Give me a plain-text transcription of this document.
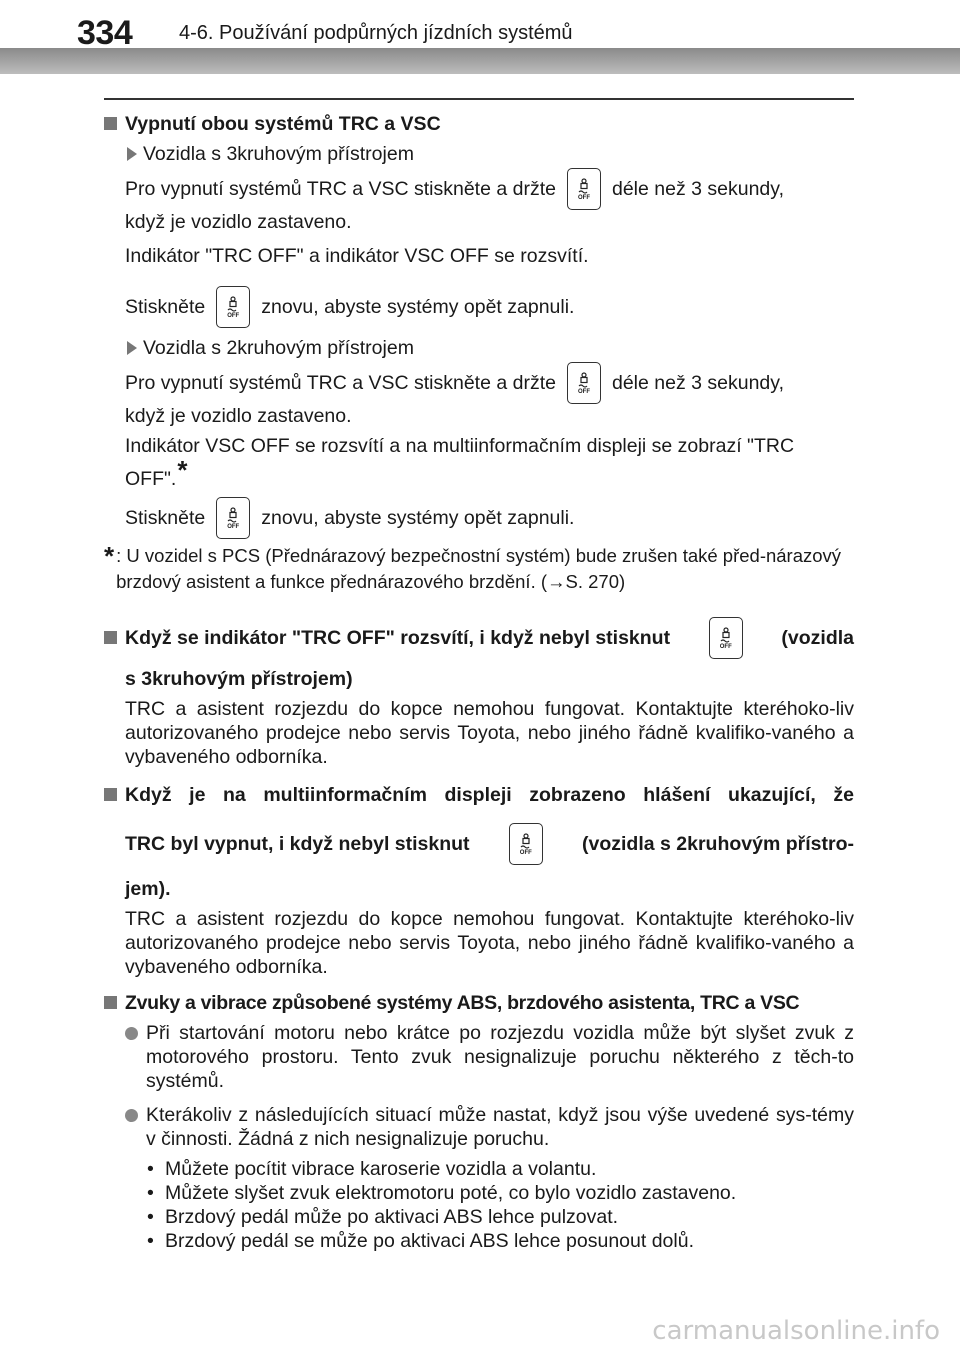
334 4-6. Používání podpůrných jízdních systémů
Vypnutí obou systémů TRC a VSC
Vozidla s 3kruhovým přístrojem
Pro vypnutí systémů TRC a VSC stiskněte a držte	OFF déle než 3 sekundy,

když je vozidlo zastaveno.

Indikátor "TRC OFF" a indikátor VSC OFF se rozsvítí.

Stiskněte	OFF znovu, abyste systémy opět zapnuli.
Vozidla s 2kruhovým přístrojem
Pro vypnutí systémů TRC a VSC stiskněte a držte	OFF déle než 3 sekundy,

když je vozidlo zastaveno.

Indikátor VSC OFF se rozsvítí a na multiinformačním displeji se zobrazí "TRC

OFF".*

Stiskněte	OFF znovu, abyste systémy opět zapnuli.
* : U vozidel s PCS (Přednárazový bezpečnostní systém) bude zrušen také před-nárazový brzdový asistent a funkce přednárazového brzdění. (→S. 270)
Když se indikátor "TRC OFF" rozsvítí, i když nebyl stisknut	OFF	(vozidla
s 3kruhovým přístrojem)

TRC a asistent rozjezdu do kopce nemohou fungovat. Kontaktujte kteréhoko-liv autorizovaného prodejce nebo servis Toyota, nebo jiného řádně kvalifiko-vaného a vybaveného odborníka.

Když je na multiinformačním displeji zobrazeno hlášení ukazující, že
TRC byl vypnut, i když nebyl stisknut	OFF	(vozidla s 2kruhovým přístro-
jem).

TRC a asistent rozjezdu do kopce nemohou fungovat. Kontaktujte kteréhoko-liv autorizovaného prodejce nebo servis Toyota, nebo jiného řádně kvalifiko-vaného a vybaveného odborníka.

Zvuky a vibrace způsobené systémy ABS, brzdového asistenta, TRC a VSC

Při startování motoru nebo krátce po rozjezdu vozidla může být slyšet zvuk z motorového prostoru. Tento zvuk nesignalizuje poruchu některého z těch-to systémů.

Kterákoliv z následujících situací může nastat, když jsou výše uvedené sys-témy v činnosti. Žádná z nich nesignalizuje poruchu.

• Můžete pocítit vibrace karoserie vozidla a volantu.
• Můžete slyšet zvuk elektromotoru poté, co bylo vozidlo zastaveno.
• Brzdový pedál může po aktivaci ABS lehce pulzovat.
• Brzdový pedál se může po aktivaci ABS lehce posunout dolů.
carmanualsonline.info
